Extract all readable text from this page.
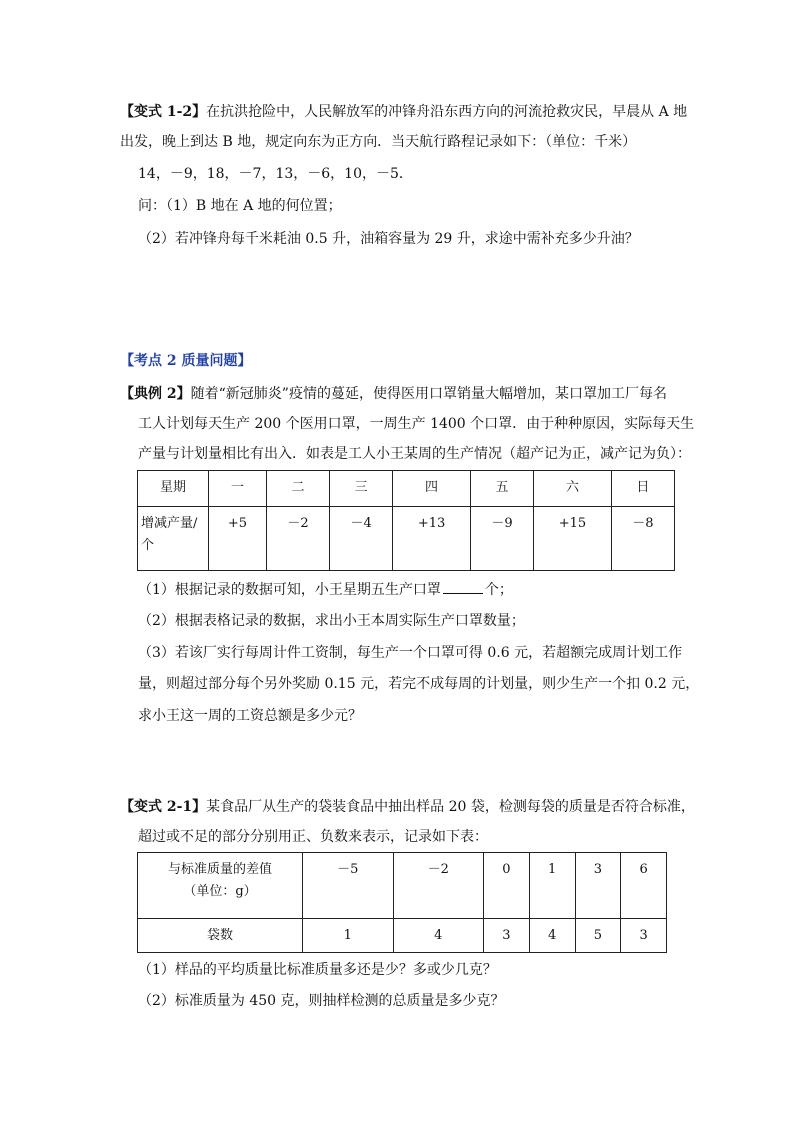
【变式 1-2】在抗洪抢险中，人民解放军的冲锋舟沿东西方向的河流抢救灾民，早晨从 A 地
出发，晚上到达 B 地，规定向东为正方向．当天航行路程记录如下：（单位：千米）
14，－9，18，－7，13，－6，10，－5．
问：（1）B 地在 A 地的何位置；
（2）若冲锋舟每千米耗油 0.5 升，油箱容量为 29 升，求途中需补充多少升油？
【考点 2 质量问题】
【典例 2】随着“新冠肺炎”疫情的蔓延，使得医用口罩销量大幅增加，某口罩加工厂每名
工人计划每天生产 200 个医用口罩，一周生产 1400 个口罩．由于种种原因，实际每天生
产量与计划量相比有出入．如表是工人小王某周的生产情况（超产记为正，减产记为负）：
星期	一	二	三	四	五	六	日

增减产量/
个	+5	－2	－4	+13	－9	+15	－8
（1）根据记录的数据可知，小王星期五生产口罩	个；
（2）根据表格记录的数据，求出小王本周实际生产口罩数量；
（3）若该厂实行每周计件工资制，每生产一个口罩可得 0.6 元，若超额完成周计划工作
量，则超过部分每个另外奖励 0.15 元，若完不成每周的计划量，则少生产一个扣 0.2 元，
求小王这一周的工资总额是多少元？
【变式 2-1】某食品厂从生产的袋装食品中抽出样品 20 袋，检测每袋的质量是否符合标准，
超过或不足的部分分别用正、负数来表示，记录如下表：
与标准质量的差值
（单位：g）	－5	－2	0	1	3	6
袋数	1	4	3	4	5	3
（1）样品的平均质量比标准质量多还是少？多或少几克？
（2）标准质量为 450 克，则抽样检测的总质量是多少克？
